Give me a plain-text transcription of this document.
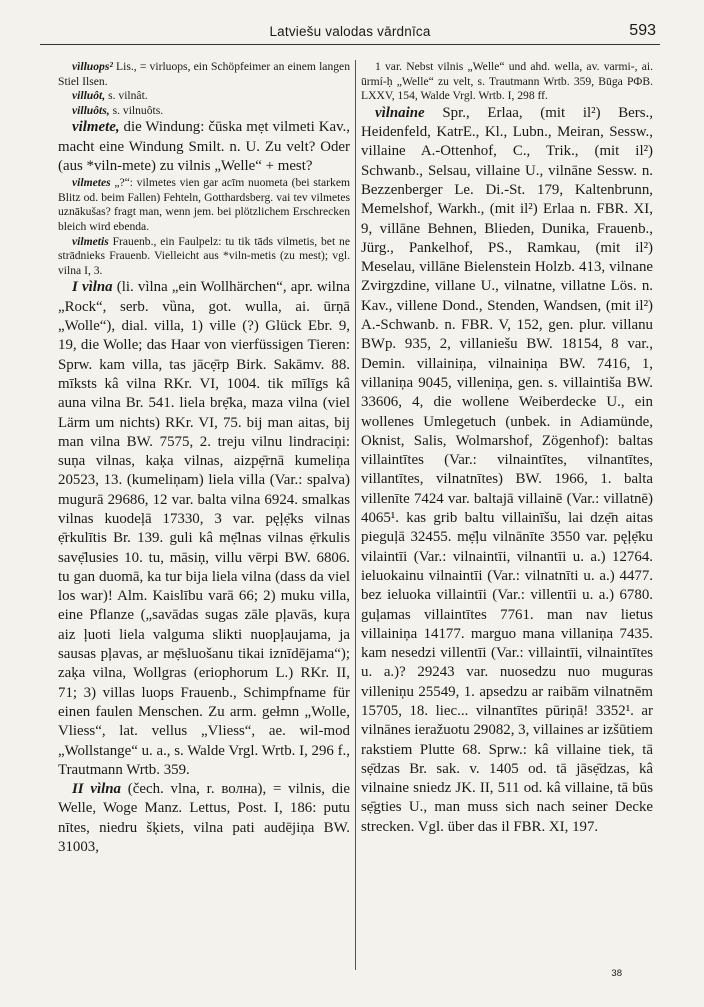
Latviešu valodas vārdnīca	593

vìlluops² Lis., = virluops, ein Schöpfeimer an einem langen Stiel Ilsen.

villuôt, s. vilnât.

villuôts, s. vilnuôts.

vilmete, die Windung: čūska mẹt vilmeti Kav., macht eine Windung Smilt. n. U. Zu velt? Oder (aus *viln-mete) zu vilnis „Welle“ + mest?

vilmetes „?“: vilmetes vien gar acīm nuometa (bei starkem Blitz od. beim Fallen) Fehteln, Gotthardsberg. vai tev vilmetes uznākušas? fragt man, wenn jem. bei plötzlichem Erschrecken bleich wird ebenda.

vilmetis Frauenb., ein Faulpelz: tu tik tāds vilmetis, bet ne strādnieks Frauenb. Vielleicht aus *viln-metis (zu mest); vgl. vilna I, 3.

I vìlna (li. vìlna „ein Wollhärchen“, apr. wilna „Rock“, serb. vȕna, got. wulla, ai. ūrṇā „Wolle“), dial. villa, 1) ville (?) Glück Ebr. 9, 19, die Wolle; das Haar von vierfüssigen Tieren: Sprw. kam villa, tas jācẹ̄rp Birk. Sakāmv. 88. mīksts kâ vilna RKr. VI, 1004. tik mīlīgs kâ auna vilna Br. 541. liela brẹ̄ka, maza vilna (viel Lärm um nichts) RKr. VI, 75. bij man aitas, bij man vilna BW. 7575, 2. treju vilnu lindraciņi: suņa vilnas, kaķa vilnas, aizpẹ̄rnā kumeliņa 20523, 13. (kumeliņam) liela villa (Var.: spalva) mugurā 29686, 12 var. balta vilna 6924. smalkas vilnas kuodeļā 17330, 3 var. pęļẹ̄ks vilnas ẹ̄rkulītis Br. 139. guli kâ mẹ̄lnas vilnas ẹ̄rkulis savẹ̄lusies 10. tu, māsiņ, villu vērpi BW. 6806. tu gan duomā, ka tur bija liela vilna (dass da viel los war)! Alm. Kaislību varā 66; 2) muku villa, eine Pflanze („savādas sugas zāle pļavās, kuŗa aiz ļuoti liela valguma slikti nuopļaujama, ja sausas pļavas, ar mẹ̄sluošanu tikai iznīdējama“); zaķa vilna, Wollgras (eriophorum L.) RKr. II, 71; 3) villas luops Frauenb., Schimpfname für einen faulen Menschen. Zu arm. gełmn „Wolle, Vliess“, lat. vellus „Vliess“, ae. wil-mod „Wollstange“ u. a., s. Walde Vrgl. Wrtb. I, 296 f., Trautmann Wrtb. 359.

II vìlna (čech. vlna, r. волна), = vilnis, die Welle, Woge Manz. Lettus, Post. I, 186: putu nītes, niedru šķiets, vilna pati audējiņa BW. 31003,

1 var. Nebst vilnis „Welle“ und ahd. wella, av. varmi-, ai. ūrmí-ḥ „Welle“ zu velt, s. Trautmann Wrtb. 359, Būga РФВ. LXXV, 154, Walde Vrgl. Wrtb. I, 298 ff.

vìlnaine Spr., Erlaa, (mit il²) Bers., Heidenfeld, KatrE., Kl., Lubn., Meiran, Sessw., villaine A.-Ottenhof, C., Trik., (mit il²) Schwanb., Selsau, villaine U., vilnāne Sessw. n. Bezzenberger Le. Di.-St. 179, Kaltenbrunn, Memelshof, Warkh., (mit il²) Erlaa n. FBR. XI, 9, villāne Behnen, Blieden, Dunika, Frauenb., Jürg., Pankelhof, PS., Ramkau, (mit il²) Meselau, villāne Bielenstein Holzb. 413, vilnane Zvirgzdine, villane U., vilnatne, villatne Lös. n. Kav., villene Dond., Stenden, Wandsen, (mit il²) A.-Schwanb. n. FBR. V, 152, gen. plur. villanu BWp. 935, 2, villaniešu BW. 18154, 8 var., Demin. villainiņa, vilnainiņa BW. 7416, 1, villaniņa 9045, villeniņa, gen. s. villaintiša BW. 33606, 4, die wollene Weiberdecke U., ein wollenes Umlegetuch (unbek. in Adiamünde, Oknist, Salis, Wolmarshof, Zögenhof): baltas villaintītes (Var.: vilnaintītes, vilnantītes, villantītes, vilnatnītes) BW. 1966, 1. balta villenīte 7424 var. baltajā villainē (Var.: villatnē) 4065¹. kas grib baltu villainīšu, lai dzẹ̄n aitas pieguļā 32455. mẹ̄ļu vilnānīte 3550 var. pęļẹ̄ku vilaintīi (Var.: vilnaintīi, vilnantīi u. a.) 12764. ieluokainu vilnaintīi (Var.: vilnatnīti u. a.) 4477. bez ieluoka villaintīi (Var.: villentīi u. a.) 6780. guļamas villaintītes 7761. man nav lietus villainiņa 14177. marguo mana villaniņa 7435. kam nesedzi villentīi (Var.: villaintīi, vilnaintītes u. a.)? 29243 var. nuosedzu nuo muguras villeniņu 25549, 1. apsedzu ar raibām vilnatnēm 15705, 18. liec... vilnantītes pūriņā! 3352¹. ar vilnānes ieražuotu 29082, 3, villaines ar izšūtiem rakstiem Plutte 68. Sprw.: kâ villaine tiek, tā sẹ̄dzas Br. sak. v. 1405 od. tā jāsẹ̄dzas, kâ vilnaine sniedz JK. II, 511 od. kâ villaine, tā būs sẹ̄gties U., man muss sich nach seiner Decke strecken. Vgl. über das il FBR. XI, 197.

38
